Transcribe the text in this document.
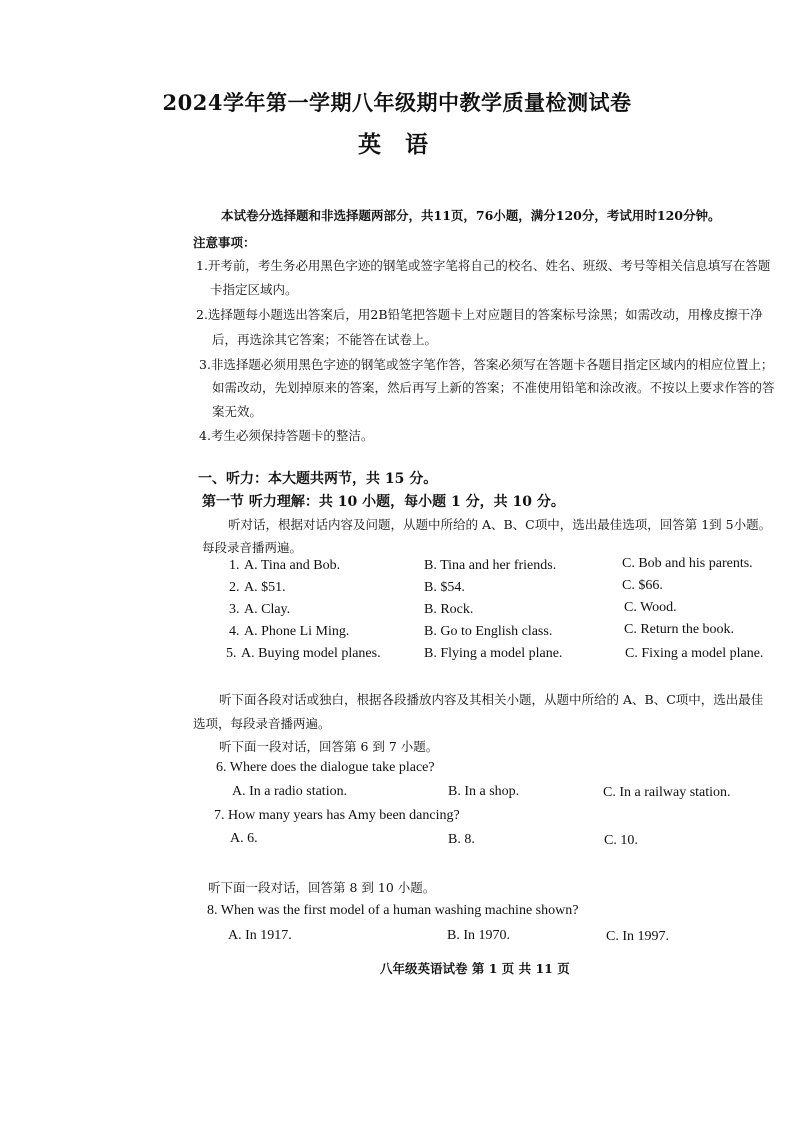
2024学年第一学期八年级期中教学质量检测试卷
英 语
本试卷分选择题和非选择题两部分，共11页，76小题，满分120分，考试用时120分钟。
注意事项：
1.开考前，考生务必用黑色字迹的钢笔或签字笔将自己的校名、姓名、班级、考号等相关信息填写在答题
卡指定区域内。
2.选择题每小题选出答案后，用2B铅笔把答题卡上对应题目的答案标号涂黑；如需改动，用橡皮擦干净
后，再选涂其它答案；不能答在试卷上。
3.非选择题必须用黑色字迹的钢笔或签字笔作答，答案必须写在答题卡各题目指定区域内的相应位置上；
如需改动，先划掉原来的答案，然后再写上新的答案；不准使用铅笔和涂改液。不按以上要求作答的答
案无效。
4.考生必须保持答题卡的整洁。
一、听力：本大题共两节，共 15 分。
第一节 听力理解：共 10 小题，每小题 1 分，共 10 分。
听对话，根据对话内容及问题，从题中所给的 A、B、C项中，选出最佳选项，回答第 1到 5小题。
每段录音播两遍。
1. A. Tina and Bob.	B. Tina and her friends.	C. Bob and his parents.
2. A. $51.	B. $54.	C. $66.
3. A. Clay.	B. Rock.	C. Wood.
4. A. Phone Li Ming.	B. Go to English class.	C. Return the book.
5. A. Buying model planes.	B. Flying a model plane.	C. Fixing a model plane.
听下面各段对话或独白，根据各段播放内容及其相关小题，从题中所给的 A、B、C项中，选出最佳
选项，每段录音播两遍。
听下面一段对话，回答第 6 到 7 小题。
6. Where does the dialogue take place?
A. In a radio station.	B. In a shop.	C. In a railway station.
7. How many years has Amy been dancing?
A. 6.	B. 8.	C. 10.
听下面一段对话，回答第 8 到 10 小题。
8. When was the first model of a human washing machine shown?
A. In 1917.	B. In 1970.	C. In 1997.
八年级英语试卷 第 1 页 共 11 页
